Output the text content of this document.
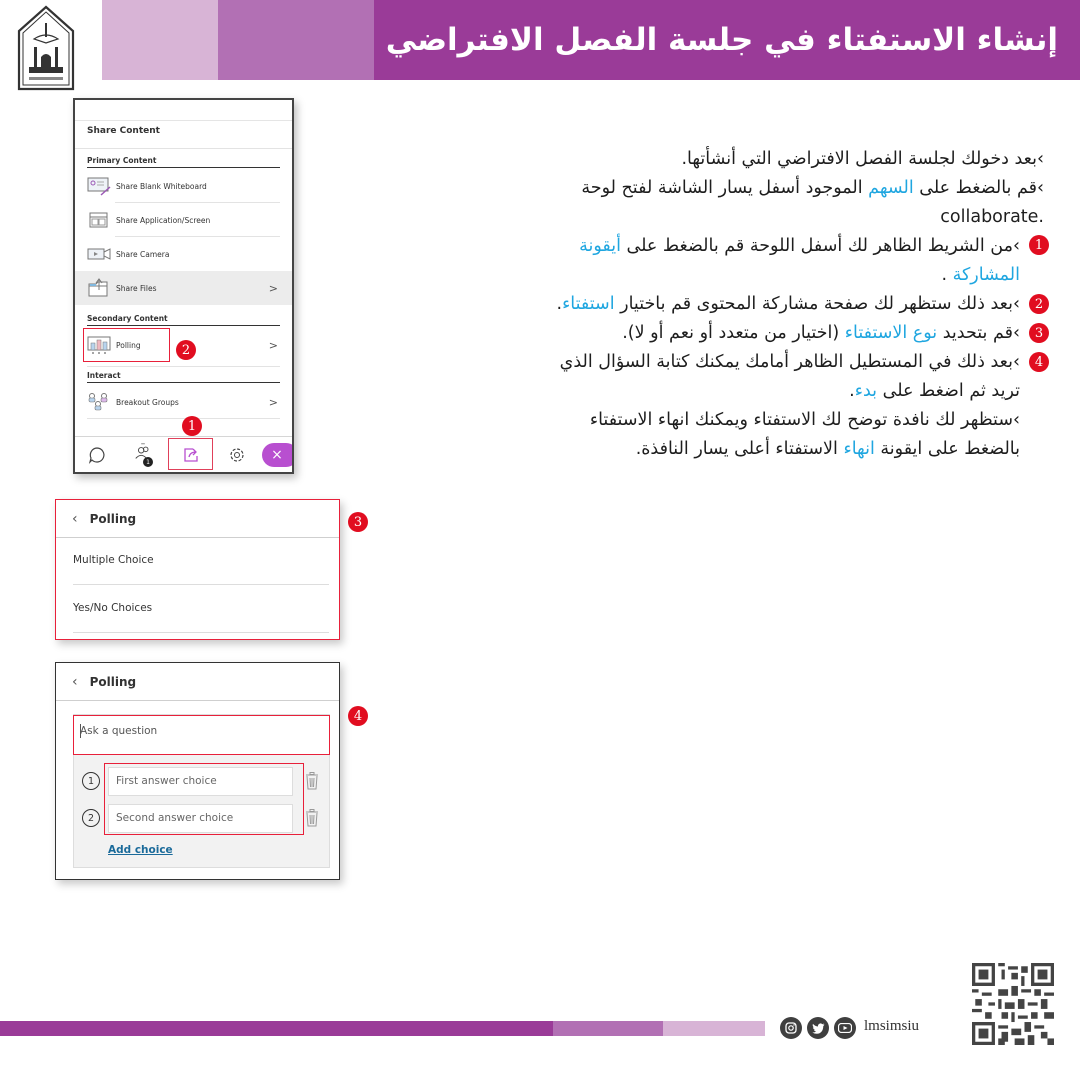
إنشاء الاستفتاء في جلسة الفصل الافتراضي
Share Content
Primary Content
Share Blank Whiteboard
Share Application/Screen
Share Camera
Share Files	>
Secondary Content
Polling	>
2
Interact
Breakout Groups	>
1
1	×
›بعد دخولك لجلسة الفصل الافتراضي التي أنشأتها.
›قم بالضغط على السهم الموجود أسفل يسار الشاشة لفتح لوحة
collaborate.
›من الشريط الظاهر لك أسفل اللوحة قم بالضغط على أيقونة
المشاركة .
›بعد ذلك ستظهر لك صفحة مشاركة المحتوى قم باختيار استفتاء.
›قم بتحديد نوع الاستفتاء (اختيار من متعدد أو نعم أو لا).
›بعد ذلك في المستطيل الظاهر أمامك يمكنك كتابة السؤال الذي
تريد ثم اضغط على بدء.
›ستظهر لك نافدة توضح لك الاستفتاء ويمكنك انهاء الاستفتاء
بالضغط على ايقونة انهاء الاستفتاء أعلى يسار النافذة.
1
2
3
4
‹ Polling
Multiple Choice
Yes/No Choices
3
‹ Polling
Ask a question
1	First answer choice
2	Second answer choice
Add choice
4
lmsimsiu
